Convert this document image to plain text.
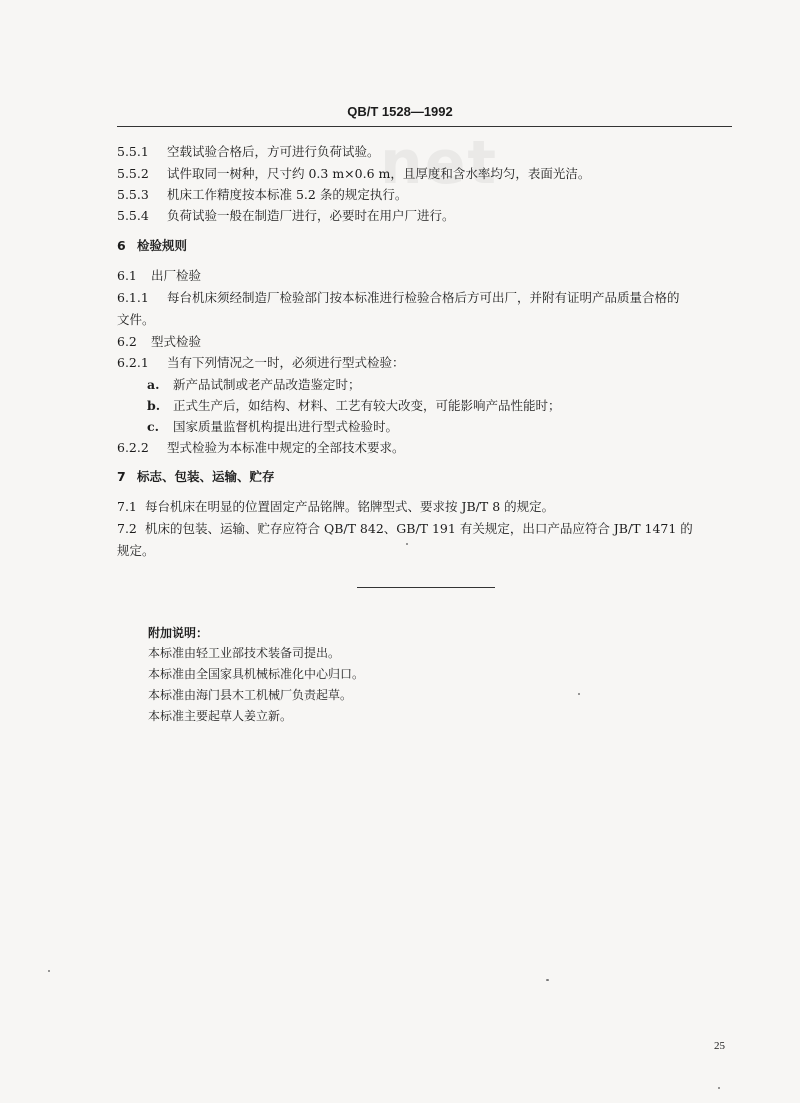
net
QB/T 1528—1992
5.5.1 空载试验合格后，方可进行负荷试验。
5.5.2 试件取同一树种，尺寸约 0.3 m×0.6 m，且厚度和含水率均匀，表面光洁。
5.5.3 机床工作精度按本标准 5.2 条的规定执行。
5.5.4 负荷试验一般在制造厂进行，必要时在用户厂进行。
6 检验规则
6.1 出厂检验
6.1.1 每台机床须经制造厂检验部门按本标准进行检验合格后方可出厂，并附有证明产品质量合格的
文件。
6.2 型式检验
6.2.1 当有下列情况之一时，必须进行型式检验：
a. 新产品试制或老产品改造鉴定时；
b. 正式生产后，如结构、材料、工艺有较大改变，可能影响产品性能时；
c. 国家质量监督机构提出进行型式检验时。
6.2.2 型式检验为本标准中规定的全部技术要求。
7 标志、包装、运输、贮存
7.1 每台机床在明显的位置固定产品铭牌。铭牌型式、要求按 JB/T 8 的规定。
7.2 机床的包装、运输、贮存应符合 QB/T 842、GB/T 191 有关规定，出口产品应符合 JB/T 1471 的
规定。
附加说明：
本标准由轻工业部技术装备司提出。
本标准由全国家具机械标准化中心归口。
本标准由海门县木工机械厂负责起草。
本标准主要起草人姜立新。
25
